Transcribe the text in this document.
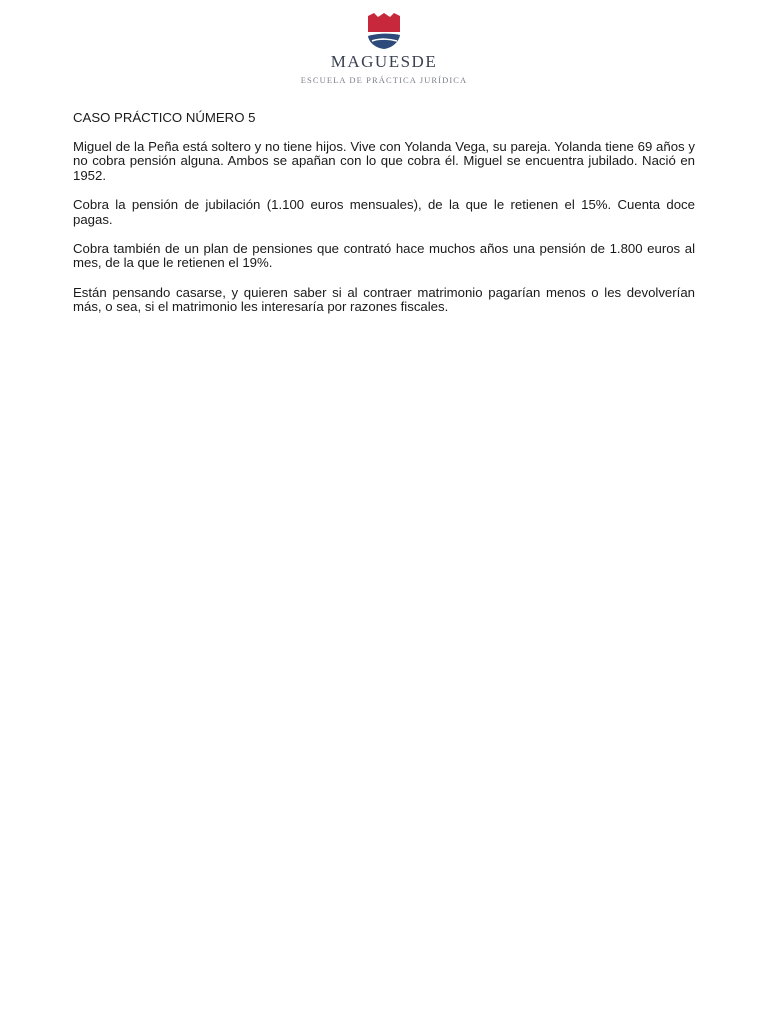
MAGUESDE
ESCUELA DE PRÁCTICA JURÍDICA
CASO PRÁCTICO NÚMERO 5

Miguel de la Peña está soltero y no tiene hijos. Vive con Yolanda Vega, su pareja. Yolanda tiene 69 años y no cobra pensión alguna. Ambos se apañan con lo que cobra él. Miguel se encuentra jubilado. Nació en 1952.

Cobra la pensión de jubilación (1.100 euros mensuales), de la que le retienen el 15%. Cuenta doce pagas.

Cobra también de un plan de pensiones que contrató hace muchos años una pensión de 1.800 euros al mes, de la que le retienen el 19%.

Están pensando casarse, y quieren saber si al contraer matrimonio pagarían menos o les devolverían más, o sea, si el matrimonio les interesaría por razones fiscales.
